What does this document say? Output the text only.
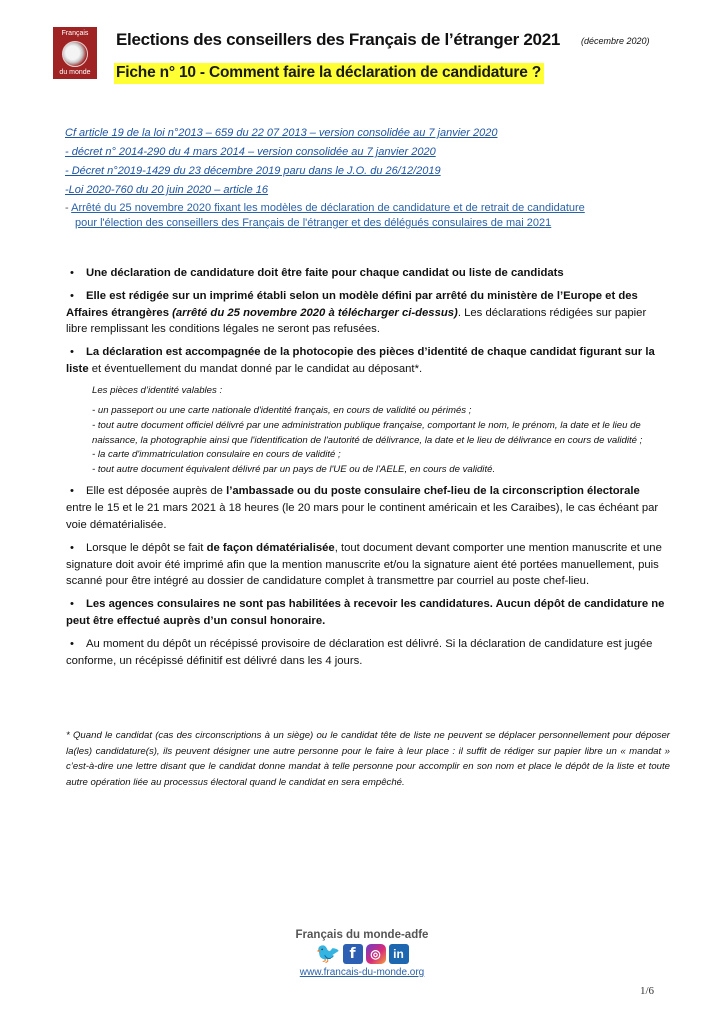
Français
du monde
Elections des conseillers des Français de l’étranger 2021 (décembre 2020)
Fiche n° 10 - Comment faire la déclaration de candidature ?
Cf article 19 de la loi n°2013 – 659 du 22 07 2013 – version consolidée au 7 janvier 2020
- décret n° 2014-290 du 4 mars 2014 – version consolidée au 7 janvier 2020
- Décret n°2019-1429 du 23 décembre 2019 paru dans le J.O. du 26/12/2019
-Loi 2020-760 du 20 juin 2020 – article 16
- Arrêté du 25 novembre 2020 fixant les modèles de déclaration de candidature et de retrait de candidature
pour l'élection des conseillers des Français de l'étranger et des délégués consulaires de mai 2021

• Une déclaration de candidature doit être faite pour chaque candidat ou liste de candidats

• Elle est rédigée sur un imprimé établi selon un modèle défini par arrêté du ministère de l’Europe et des Affaires étrangères (arrêté du 25 novembre 2020 à télécharger ci-dessus). Les déclarations rédigées sur papier libre remplissant les conditions légales ne seront pas refusées.

• La déclaration est accompagnée de la photocopie des pièces d’identité de chaque candidat figurant sur la liste et éventuellement du mandat donné par le candidat au déposant*.

Les pièces d’identité valables :
- un passeport ou une carte nationale d'identité français, en cours de validité ou périmés ;
- tout autre document officiel délivré par une administration publique française, comportant le nom, le prénom, la date et le lieu de naissance, la photographie ainsi que l'identification de l'autorité de délivrance, la date et le lieu de délivrance en cours de validité ;
- la carte d'immatriculation consulaire en cours de validité ;
- tout autre document équivalent délivré par un pays de l'UE ou de l'AELE, en cours de validité.

• Elle est déposée auprès de l’ambassade ou du poste consulaire chef-lieu de la circonscription électorale entre le 15 et le 21 mars 2021 à 18 heures (le 20 mars pour le continent américain et les Caraibes), le cas échéant par voie dématérialisée.

• Lorsque le dépôt se fait de façon dématérialisée, tout document devant comporter une mention manuscrite et une signature doit avoir été imprimé afin que la mention manuscrite et/ou la signature aient été portées manuellement, puis scanné pour être intégré au dossier de candidature complet à transmettre par courriel au poste chef-lieu.

• Les agences consulaires ne sont pas habilitées à recevoir les candidatures. Aucun dépôt de candidature ne peut être effectué auprès d’un consul honoraire.

• Au moment du dépôt un récépissé provisoire de déclaration est délivré. Si la déclaration de candidature est jugée conforme, un récépissé définitif est délivré dans les 4 jours.

* Quand le candidat (cas des circonscriptions à un siège) ou le candidat tête de liste ne peuvent se déplacer personnellement pour déposer la(les) candidature(s), ils peuvent désigner une autre personne pour le faire à leur place : il suffit de rédiger sur papier libre un « mandat » c’est-à-dire une lettre disant que le candidat donne mandat à telle personne pour accomplir en son nom et place le dépôt de la liste et toute autre opération liée au processus électoral quand le candidat en sera empêché.
Français du monde-adfe
🐦 f	◎	in
www.francais-du-monde.org
1/6
